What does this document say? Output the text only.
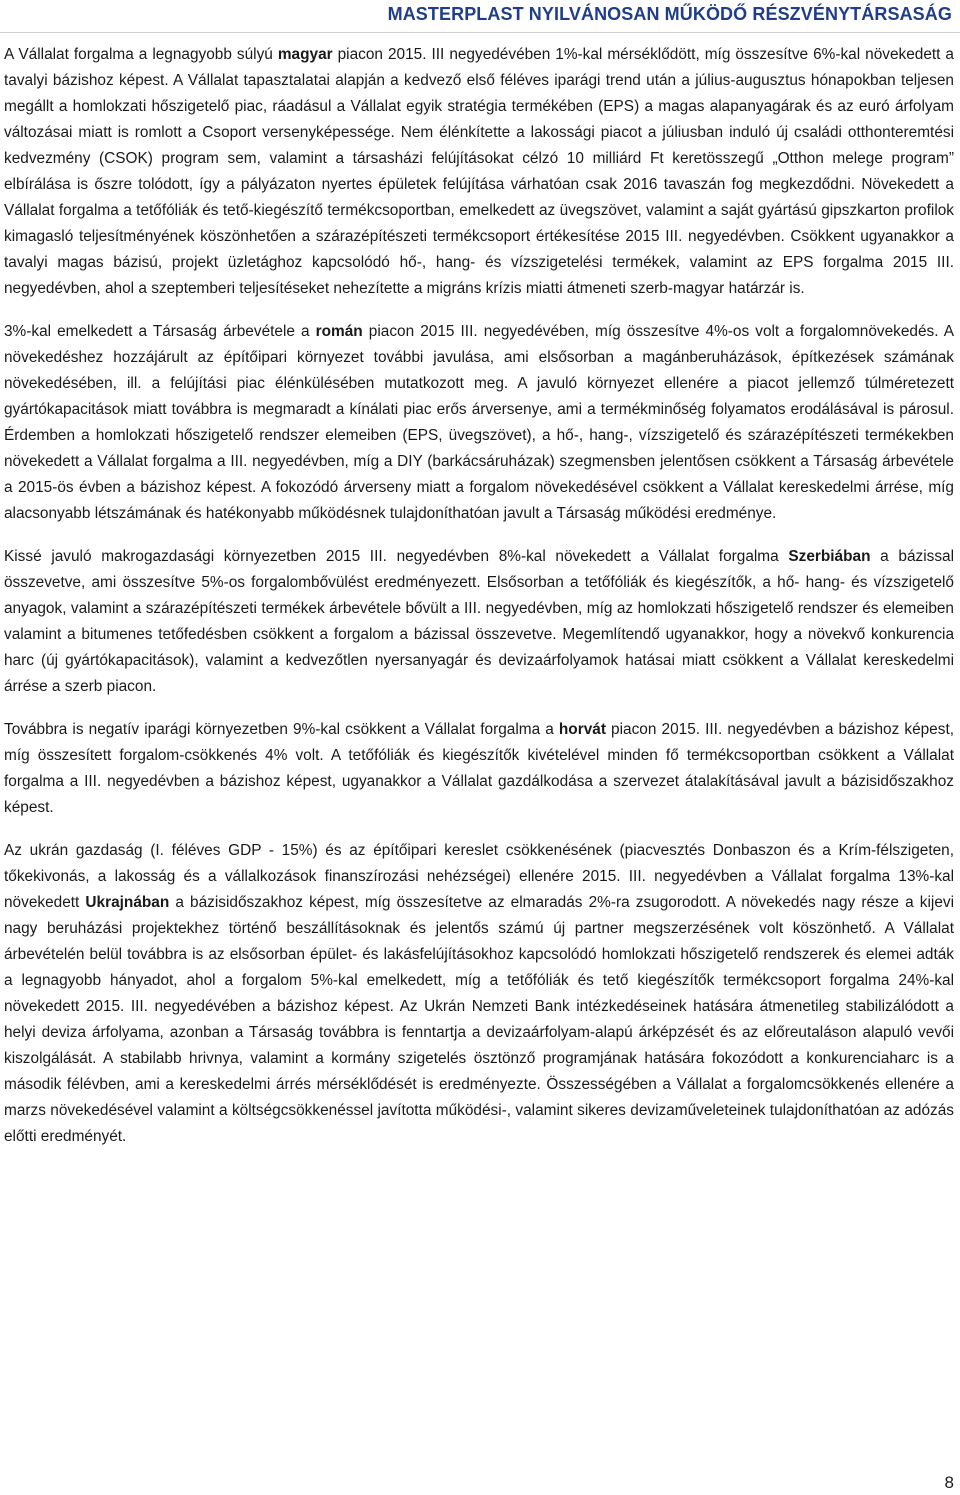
MASTERPLAST NYILVÁNOSAN MŰKÖDŐ RÉSZVÉNYTÁRSASÁG

A Vállalat forgalma a legnagyobb súlyú magyar piacon 2015. III negyedévében 1%-kal mérséklődött, míg összesítve 6%-kal növekedett a tavalyi bázishoz képest. A Vállalat tapasztalatai alapján a kedvező első féléves iparági trend után a július-augusztus hónapokban teljesen megállt a homlokzati hőszigetelő piac, ráadásul a Vállalat egyik stratégia termékében (EPS) a magas alapanyagárak és az euró árfolyam változásai miatt is romlott a Csoport versenyképessége. Nem élénkítette a lakossági piacot a júliusban induló új családi otthonteremtési kedvezmény (CSOK) program sem, valamint a társasházi felújításokat célzó 10 milliárd Ft keretösszegű „Otthon melege program” elbírálása is őszre tolódott, így a pályázaton nyertes épületek felújítása várhatóan csak 2016 tavaszán fog megkezdődni. Növekedett a Vállalat forgalma a tetőfóliák és tető-kiegészítő termékcsoportban, emelkedett az üvegszövet, valamint a saját gyártású gipszkarton profilok kimagasló teljesítményének köszönhetően a szárazépítészeti termékcsoport értékesítése 2015 III. negyedévben. Csökkent ugyanakkor a tavalyi magas bázisú, projekt üzletághoz kapcsolódó hő-, hang- és vízszigetelési termékek, valamint az EPS forgalma 2015 III. negyedévben, ahol a szeptemberi teljesítéseket nehezítette a migráns krízis miatti átmeneti szerb-magyar határzár is.

3%-kal emelkedett a Társaság árbevétele a román piacon 2015 III. negyedévében, míg összesítve 4%-os volt a forgalomnövekedés. A növekedéshez hozzájárult az építőipari környezet további javulása, ami elsősorban a magánberuházások, építkezések számának növekedésében, ill. a felújítási piac élénkülésében mutatkozott meg. A javuló környezet ellenére a piacot jellemző túlméretezett gyártókapacitások miatt továbbra is megmaradt a kínálati piac erős árversenye, ami a termékminőség folyamatos erodálásával is párosul. Érdemben a homlokzati hőszigetelő rendszer elemeiben (EPS, üvegszövet), a hő-, hang-, vízszigetelő és szárazépítészeti termékekben növekedett a Vállalat forgalma a III. negyedévben, míg a DIY (barkácsáruházak) szegmensben jelentősen csökkent a Társaság árbevétele a 2015-ös évben a bázishoz képest. A fokozódó árverseny miatt a forgalom növekedésével csökkent a Vállalat kereskedelmi árrése, míg alacsonyabb létszámának és hatékonyabb működésnek tulajdoníthatóan javult a Társaság működési eredménye.

Kissé javuló makrogazdasági környezetben 2015 III. negyedévben 8%-kal növekedett a Vállalat forgalma Szerbiában a bázissal összevetve, ami összesítve 5%-os forgalombővülést eredményezett. Elsősorban a tetőfóliák és kiegészítők, a hő- hang- és vízszigetelő anyagok, valamint a szárazépítészeti termékek árbevétele bővült a III. negyedévben, míg az homlokzati hőszigetelő rendszer és elemeiben valamint a bitumenes tetőfedésben csökkent a forgalom a bázissal összevetve. Megemlítendő ugyanakkor, hogy a növekvő konkurencia harc (új gyártókapacitások), valamint a kedvezőtlen nyersanyagár és devizaárfolyamok hatásai miatt csökkent a Vállalat kereskedelmi árrése a szerb piacon.

Továbbra is negatív iparági környezetben 9%-kal csökkent a Vállalat forgalma a horvát piacon 2015. III. negyedévben a bázishoz képest, míg összesített forgalom-csökkenés 4% volt. A tetőfóliák és kiegészítők kivételével minden fő termékcsoportban csökkent a Vállalat forgalma a III. negyedévben a bázishoz képest, ugyanakkor a Vállalat gazdálkodása a szervezet átalakításával javult a bázisidőszakhoz képest.

Az ukrán gazdaság (I. féléves GDP - 15%) és az építőipari kereslet csökkenésének (piacvesztés Donbaszon és a Krím-félszigeten, tőkekivonás, a lakosság és a vállalkozások finanszírozási nehézségei) ellenére 2015. III. negyedévben a Vállalat forgalma 13%-kal növekedett Ukrajnában a bázisidőszakhoz képest, míg összesítetve az elmaradás 2%-ra zsugorodott. A növekedés nagy része a kijevi nagy beruházási projektekhez történő beszállításoknak és jelentős számú új partner megszerzésének volt köszönhető. A Vállalat árbevételén belül továbbra is az elsősorban épület- és lakásfelújításokhoz kapcsolódó homlokzati hőszigetelő rendszerek és elemei adták a legnagyobb hányadot, ahol a forgalom 5%-kal emelkedett, míg a tetőfóliák és tető kiegészítők termékcsoport forgalma 24%-kal növekedett 2015. III. negyedévében a bázishoz képest. Az Ukrán Nemzeti Bank intézkedéseinek hatására átmenetileg stabilizálódott a helyi deviza árfolyama, azonban a Társaság továbbra is fenntartja a devizaárfolyam-alapú árképzését és az előreutaláson alapuló vevői kiszolgálását. A stabilabb hrivnya, valamint a kormány szigetelés ösztönző programjának hatására fokozódott a konkurenciaharc is a második félévben, ami a kereskedelmi árrés mérséklődését is eredményezte. Összességében a Vállalat a forgalomcsökkenés ellenére a marzs növekedésével valamint a költségcsökkenéssel javította működési-, valamint sikeres devizaműveleteinek tulajdoníthatóan az adózás előtti eredményét.

8
